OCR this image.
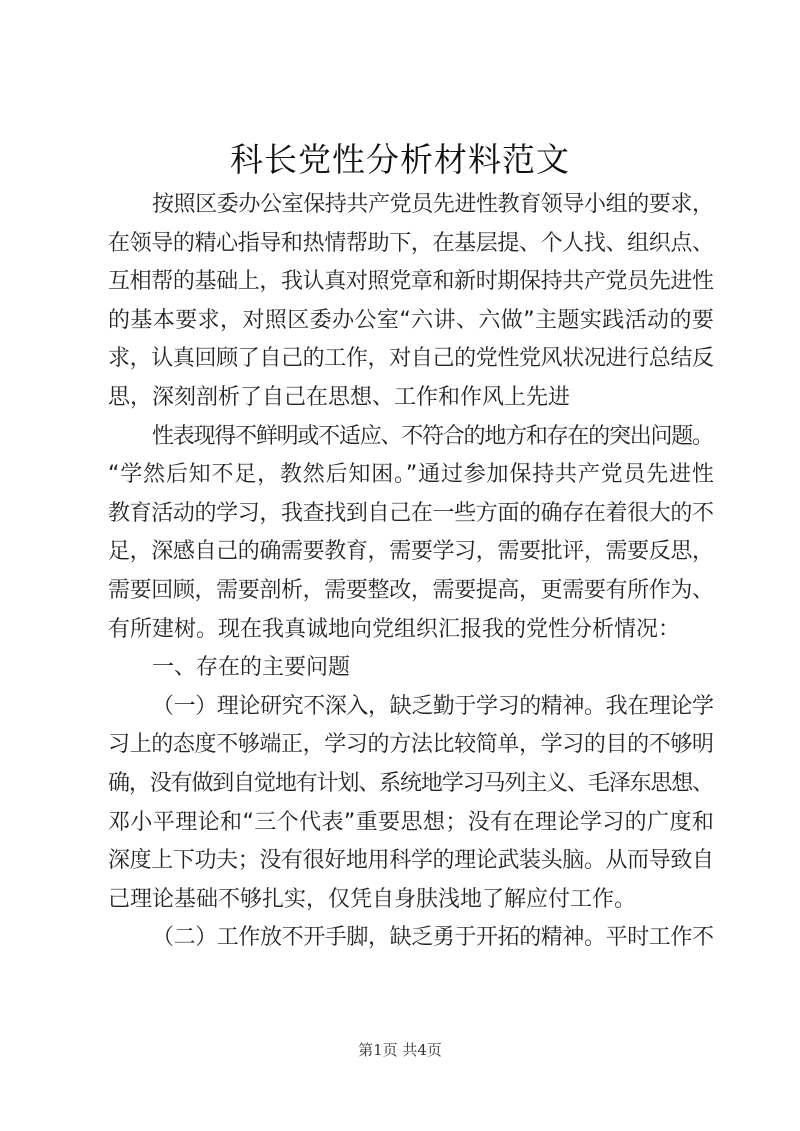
科长党性分析材料范文
按照区委办公室保持共产党员先进性教育领导小组的要求，
在领导的精心指导和热情帮助下，在基层提、个人找、组织点、
互相帮的基础上，我认真对照党章和新时期保持共产党员先进性
的基本要求，对照区委办公室“六讲、六做”主题实践活动的要
求，认真回顾了自己的工作，对自己的党性党风状况进行总结反
思，深刻剖析了自己在思想、工作和作风上先进
性表现得不鲜明或不适应、不符合的地方和存在的突出问题。
“学然后知不足，教然后知困。”通过参加保持共产党员先进性
教育活动的学习，我查找到自己在一些方面的确存在着很大的不
足，深感自己的确需要教育，需要学习，需要批评，需要反思，
需要回顾，需要剖析，需要整改，需要提高，更需要有所作为、
有所建树。现在我真诚地向党组织汇报我的党性分析情况：
一、存在的主要问题
（一）理论研究不深入，缺乏勤于学习的精神。我在理论学
习上的态度不够端正，学习的方法比较简单，学习的目的不够明
确，没有做到自觉地有计划、系统地学习马列主义、毛泽东思想、
邓小平理论和“三个代表”重要思想；没有在理论学习的广度和
深度上下功夫；没有很好地用科学的理论武装头脑。从而导致自
己理论基础不够扎实，仅凭自身肤浅地了解应付工作。
（二）工作放不开手脚，缺乏勇于开拓的精神。平时工作不
第1页 共4页
